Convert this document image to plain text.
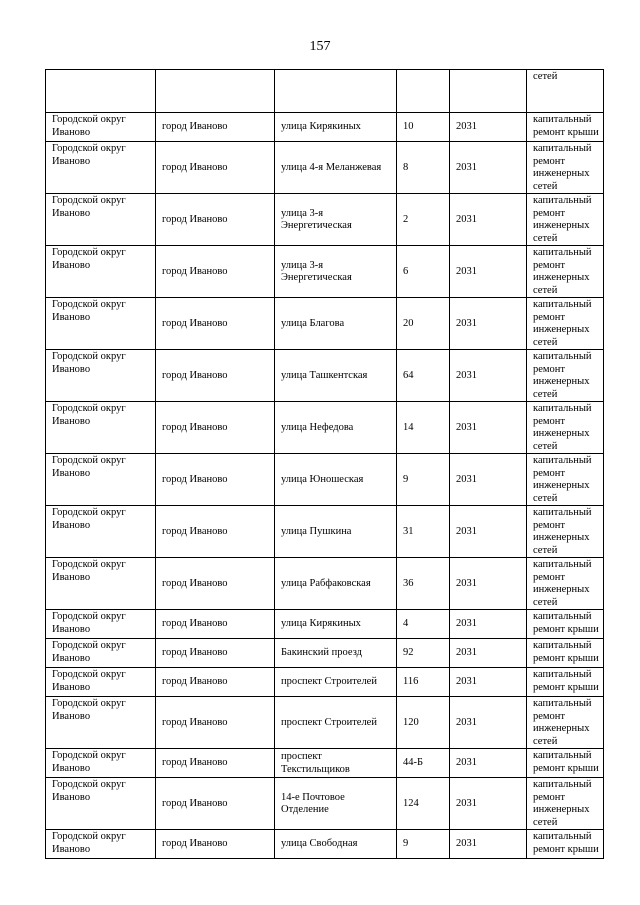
157
					сетей
Городской округ Иваново	город Иваново	улица Кирякиных	10	2031	капитальный ремонт крыши
Городской округ Иваново	город Иваново	улица 4-я Меланжевая	8	2031	капитальный ремонт инженерных сетей
Городской округ Иваново	город Иваново	улица 3-я Энергетическая	2	2031	капитальный ремонт инженерных сетей
Городской округ Иваново	город Иваново	улица 3-я Энергетическая	6	2031	капитальный ремонт инженерных сетей
Городской округ Иваново	город Иваново	улица Благова	20	2031	капитальный ремонт инженерных сетей
Городской округ Иваново	город Иваново	улица Ташкентская	64	2031	капитальный ремонт инженерных сетей
Городской округ Иваново	город Иваново	улица Нефедова	14	2031	капитальный ремонт инженерных сетей
Городской округ Иваново	город Иваново	улица Юношеская	9	2031	капитальный ремонт инженерных сетей
Городской округ Иваново	город Иваново	улица Пушкина	31	2031	капитальный ремонт инженерных сетей
Городской округ Иваново	город Иваново	улица Рабфаковская	36	2031	капитальный ремонт инженерных сетей
Городской округ Иваново	город Иваново	улица Кирякиных	4	2031	капитальный ремонт крыши
Городской округ Иваново	город Иваново	Бакинский проезд	92	2031	капитальный ремонт крыши
Городской округ Иваново	город Иваново	проспект Строителей	116	2031	капитальный ремонт крыши
Городской округ Иваново	город Иваново	проспект Строителей	120	2031	капитальный ремонт инженерных сетей
Городской округ Иваново	город Иваново	проспект Текстильщиков	44-Б	2031	капитальный ремонт крыши
Городской округ Иваново	город Иваново	14-е Почтовое Отделение	124	2031	капитальный ремонт инженерных сетей
Городской округ Иваново	город Иваново	улица Свободная	9	2031	капитальный ремонт крыши
